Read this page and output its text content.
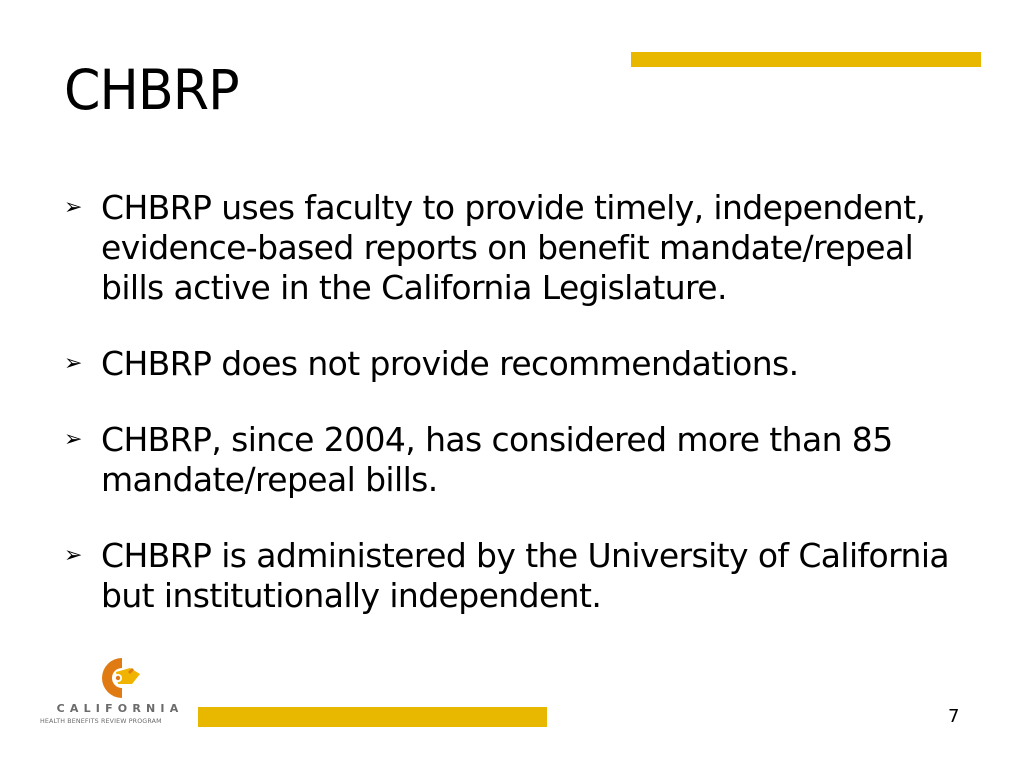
CHBRP
➢ CHBRP uses faculty to provide timely, independent, evidence-based reports on benefit mandate/repeal bills active in the California Legislature.
➢ CHBRP does not provide recommendations.
➢ CHBRP, since 2004, has considered more than 85 mandate/repeal bills.
➢ CHBRP is administered by the University of California but institutionally independent.
CALIFORNIA
HEALTH BENEFITS REVIEW PROGRAM	7
